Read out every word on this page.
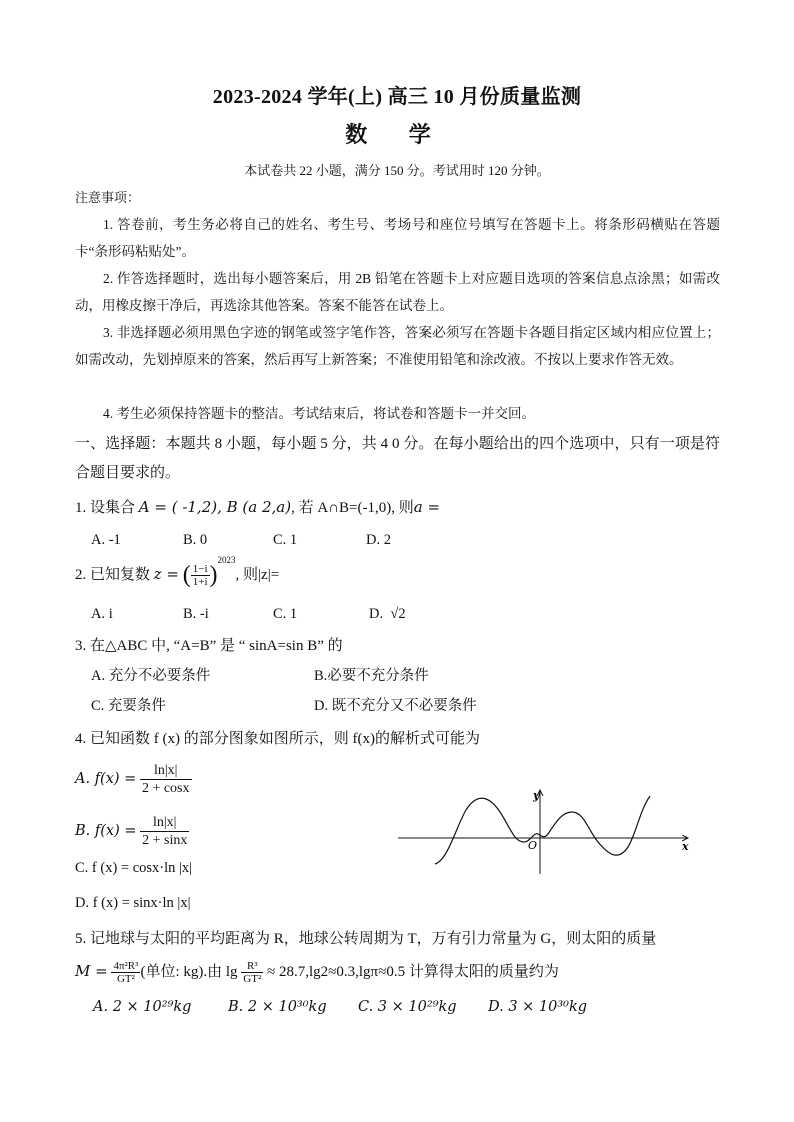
2023-2024 学年(上) 高三 10 月份质量监测
数 学
本试卷共 22 小题，满分 150 分。考试用时 120 分钟。
注意事项：
1. 答卷前，考生务必将自己的姓名、考生号、考场号和座位号填写在答题卡上。将条形码横贴在答题卡“条形码粘贴处”。
2. 作答选择题时，选出每小题答案后，用 2B 铅笔在答题卡上对应题目选项的答案信息点涂黑；如需改动，用橡皮擦干净后，再选涂其他答案。答案不能答在试卷上。
3. 非选择题必须用黑色字迹的钢笔或签字笔作答，答案必须写在答题卡各题目指定区域内相应位置上；如需改动，先划掉原来的答案，然后再写上新答案；不准使用铅笔和涂改液。不按以上要求作答无效。
4. 考生必须保持答题卡的整洁。考试结束后，将试卷和答题卡一并交回。
一、选择题：本题共 8 小题，每小题 5 分，共 4 0 分。在每小题给出的四个选项中，只有一项是符合题目要求的。
1. 设集合 A = ( -1,2), B (a 2,a), 若 A∩B=(-1,0), 则a =
A. -1	B. 0	C. 1	D. 2
2. 已知复数 z = ( $\frac{1-i}{1+i} )^{2023}$, 则|z|=
A. i	B. -i	C. 1	D. √2
3. 在△ABC 中, “A=B” 是 “ sinA=sin B” 的
A. 充分不必要条件	B.必要不充分条件
C. 充要条件	D. 既不充分又不必要条件
4. 已知函数 f (x) 的部分图象如图所示，则 f(x)的解析式可能为
A. $f(x) = \frac{\ln|x|}{2 + \cos x}$
B. $f(x) = \frac{\ln|x|}{2 + \sin x}$
C. f (x) = cosx·ln |x|
D. f (x) = sinx·ln |x|
y
x
O
5. 记地球与太阳的平均距离为 R，地球公转周期为 T，万有引力常量为 G，则太阳的质量
$M = \frac{\text{4π²R³}}{\text{GT²}}$ (单位: kg).由 $\lg \frac{\text{R³}}{\text{GT²}} \approx 28.7,\lg 2\approx 0.3,\lg\pi\approx 0.5$ 计算得太阳的质量约为
A. 2 × 10²⁹kg	B. 2 × 10³⁰kg C. 3 × 10²⁹kg D. 3 × 10³⁰kg
